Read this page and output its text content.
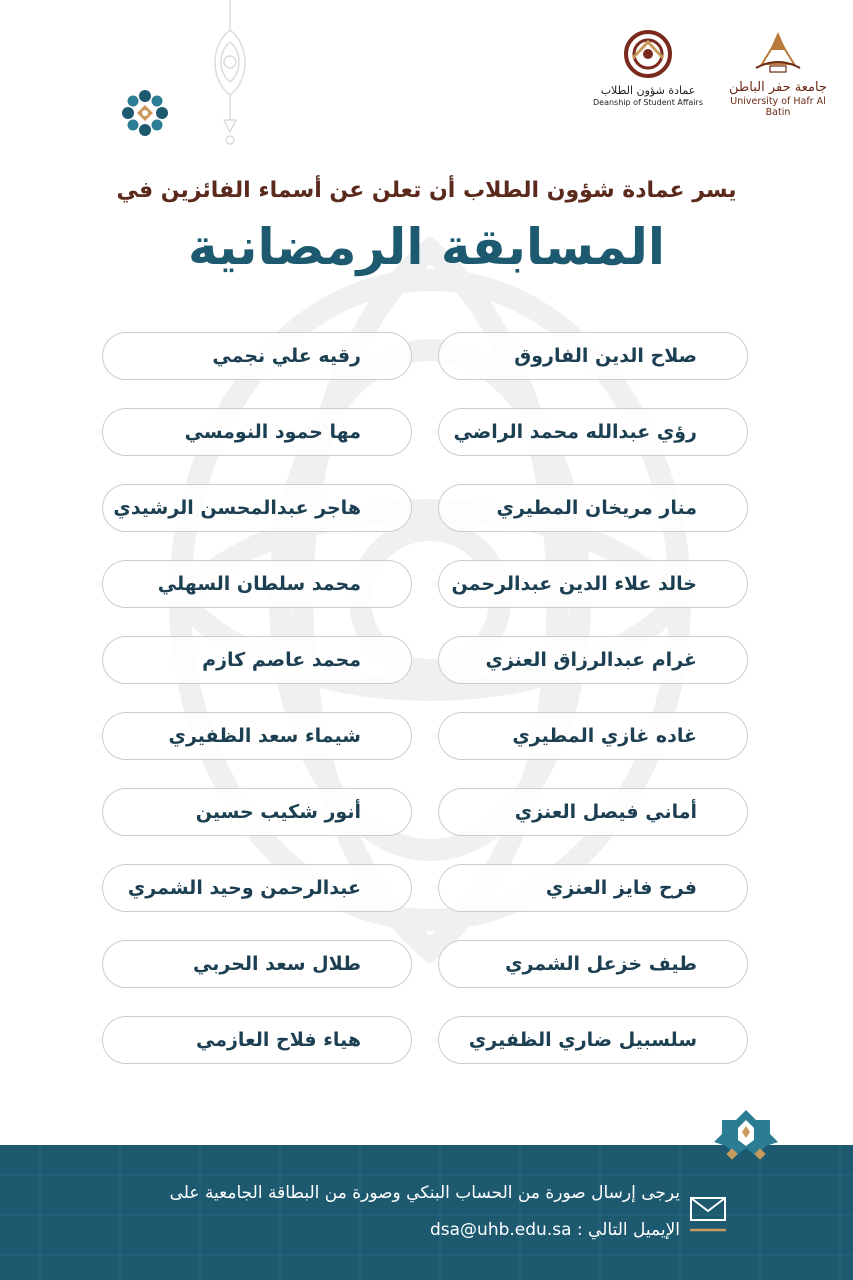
جامعة حفر الباطن
University of Hafr Al Batin
عمادة شؤون الطلاب
Deanship of Student Affairs
يسر عمادة شؤون الطلاب أن تعلن عن أسماء الفائزين في
المسابقة الرمضانية
صلاح الدين الفاروق
رقيه علي نجمي
رؤي عبدالله محمد الراضي
مها حمود النومسي
منار مريخان المطيري
هاجر عبدالمحسن الرشيدي
خالد علاء الدين عبدالرحمن
محمد سلطان السهلي
غرام عبدالرزاق العنزي
محمد عاصم كازم
غاده غازي المطيري
شيماء سعد الظفيري
أماني فيصل العنزي
أنور شكيب حسين
فرح فايز العنزي
عبدالرحمن وحيد الشمري
طيف خزعل الشمري
طلال سعد الحربي
سلسبيل ضاري الظفيري
هياء فلاح العازمي
يرجى إرسال صورة من الحساب البنكي وصورة من البطاقة الجامعية على
الإيميل التالي : dsa@uhb.edu.sa
